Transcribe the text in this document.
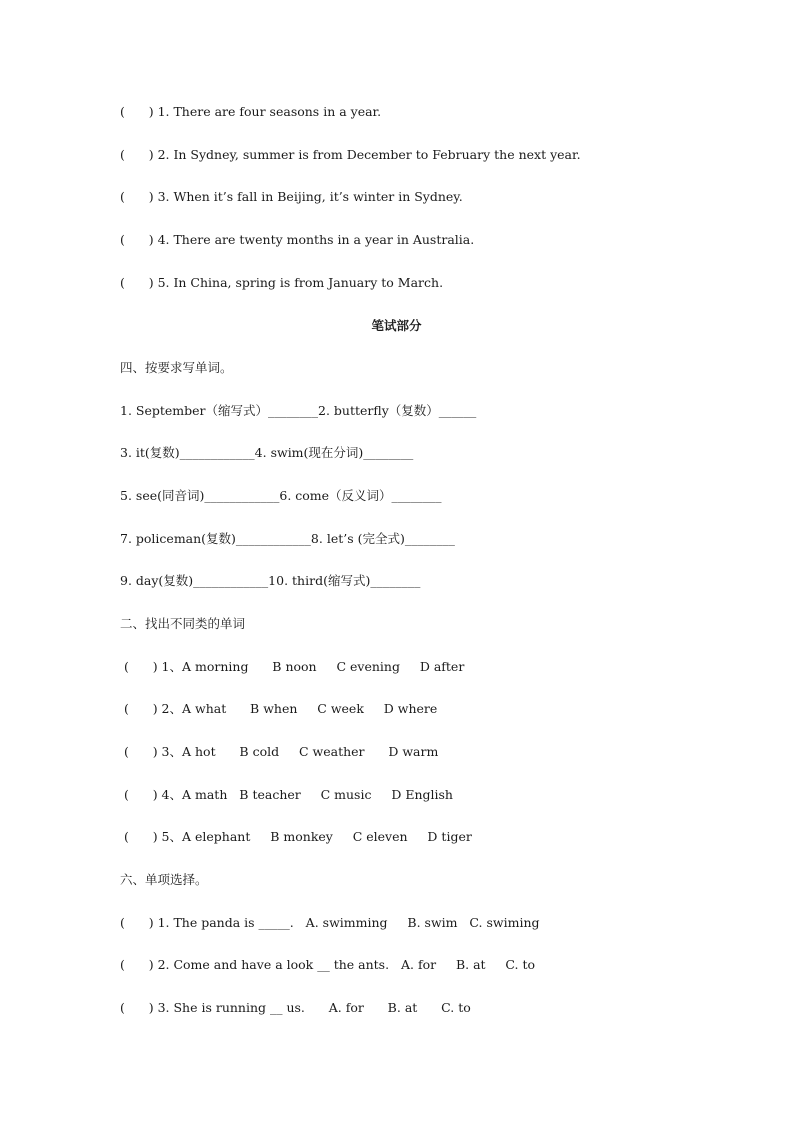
(      ) 1. There are four seasons in a year.

(      ) 2. In Sydney, summer is from December to February the next year.

(      ) 3. When it’s fall in Beijing, it’s winter in Sydney.

(      ) 4. There are twenty months in a year in Australia.

(      ) 5. In China, spring is from January to March.

笔试部分

四、按要求写单词。

1. September（缩写式）________2. butterfly（复数）______

3. it(复数)____________4. swim(现在分词)________

5. see(同音词)____________6. come（反义词）________

7. policeman(复数)____________8. let’s (完全式)________

9. day(复数)____________10. third(缩写式)________

二、找出不同类的单词

(      ) 1、A morning      B noon     C evening     D after

(      ) 2、A what      B when     C week     D where

(      ) 3、A hot      B cold     C weather      D warm

(      ) 4、A math   B teacher     C music     D English

(      ) 5、A elephant     B monkey     C eleven     D tiger

六、单项选择。

(      ) 1. The panda is _____.   A. swimming     B. swim   C. swiming

(      ) 2. Come and have a look __ the ants.   A. for     B. at     C. to

(      ) 3. She is running __ us.      A. for      B. at      C. to
